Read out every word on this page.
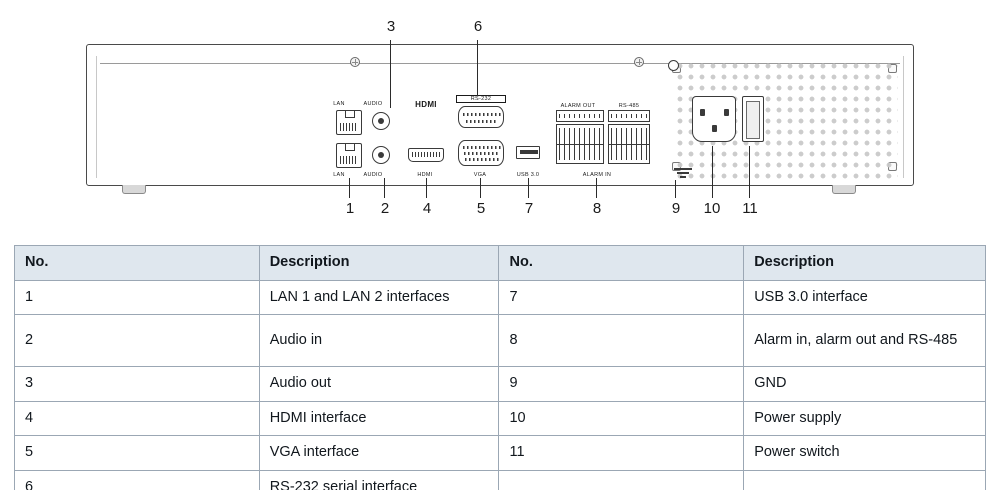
LAN	AUDIO	HDMI
RS-232
ALARM OUT	RS-485
LAN	AUDIO	HDMI	VGA	USB 3.0	ALARM IN
3	6
1	2	4	5	7	8	9	10 11
No.	Description	No.	Description
1	LAN 1 and LAN 2 interfaces	7	USB 3.0 interface
2	Audio in	8	Alarm in, alarm out and RS-485
3	Audio out	9	GND
4	HDMI interface	10	Power supply
5	VGA interface	11	Power switch
6	RS-232 serial interface		
